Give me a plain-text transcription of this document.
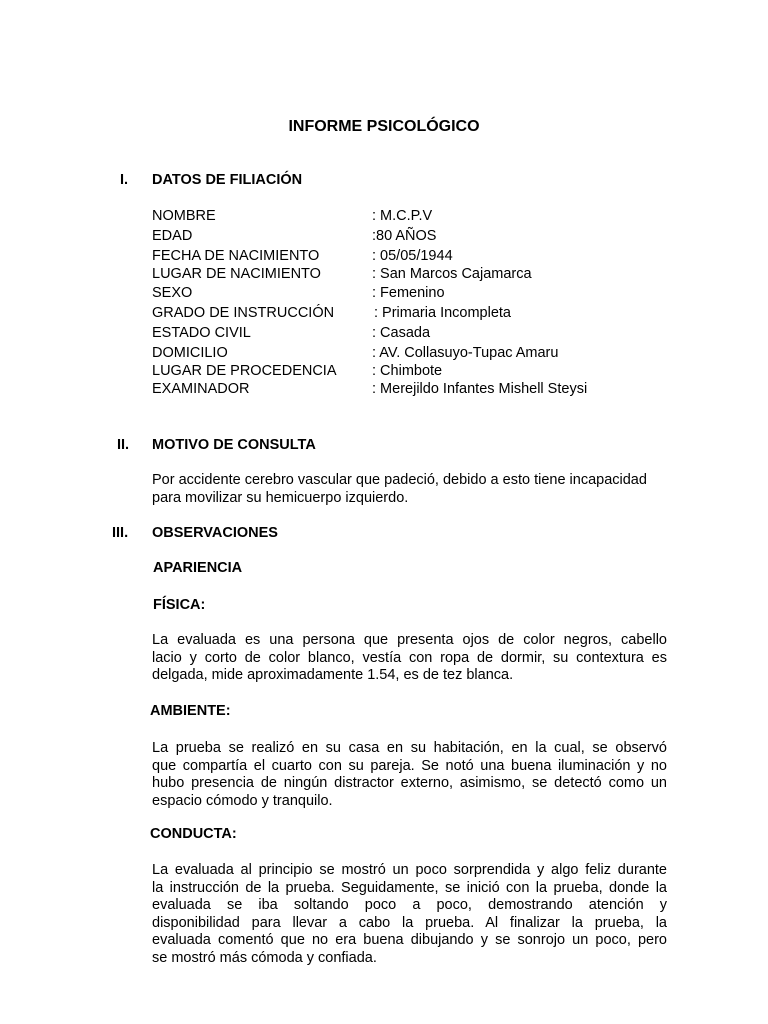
INFORME PSICOLÓGICO
I. DATOS DE FILIACIÓN
NOMBRE	: M.C.P.V
EDAD	:80 AÑOS
FECHA DE NACIMIENTO	: 05/05/1944
LUGAR DE NACIMIENTO	: San Marcos Cajamarca
SEXO	: Femenino
GRADO DE INSTRUCCIÓN	: Primaria Incompleta
ESTADO CIVIL	: Casada
DOMICILIO	: AV. Collasuyo-Tupac Amaru
LUGAR DE PROCEDENCIA : Chimbote
EXAMINADOR	: Merejildo Infantes Mishell Steysi
II. MOTIVO DE CONSULTA
Por accidente cerebro vascular que padeció, debido a esto tiene incapacidad
para movilizar su hemicuerpo izquierdo.
III. OBSERVACIONES
APARIENCIA
FÍSICA:
La evaluada es una persona que presenta ojos de color negros, cabello
lacio y corto de color blanco, vestía con ropa de dormir, su contextura es
delgada, mide aproximadamente 1.54, es de tez blanca.
AMBIENTE:
La prueba se realizó en su casa en su habitación, en la cual, se observó
que compartía el cuarto con su pareja. Se notó una buena iluminación y no
hubo presencia de ningún distractor externo, asimismo, se detectó como un
espacio cómodo y tranquilo.
CONDUCTA:
La evaluada al principio se mostró un poco sorprendida y algo feliz durante
la instrucción de la prueba. Seguidamente, se inició con la prueba, donde la
evaluada se iba soltando poco a poco, demostrando atención y
disponibilidad para llevar a cabo la prueba. Al finalizar la prueba, la
evaluada comentó que no era buena dibujando y se sonrojo un poco, pero
se mostró más cómoda y confiada.
